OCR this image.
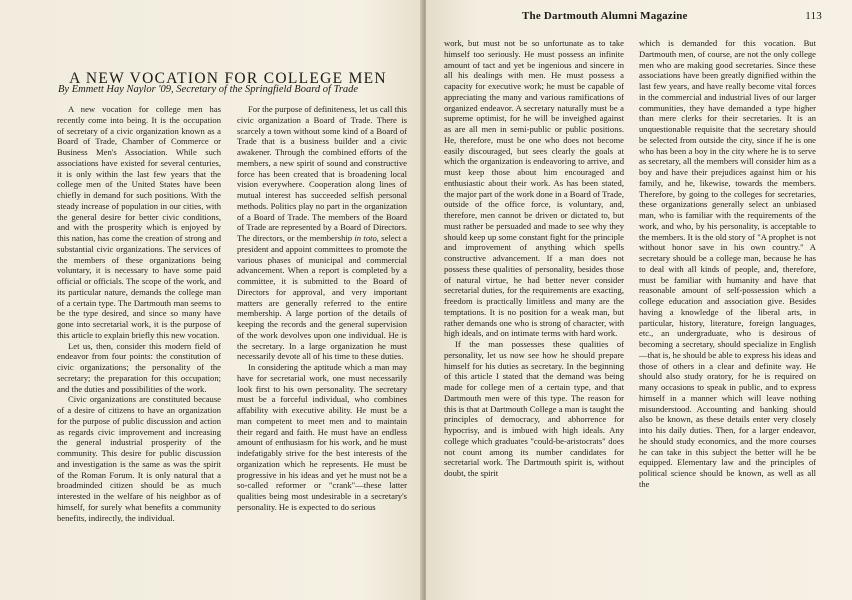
A NEW VOCATION FOR COLLEGE MEN
By Emmett Hay Naylor '09, Secretary of the Springfield Board of Trade

A new vocation for college men has recently come into being. It is the occupation of secretary of a civic organization known as a Board of Trade, Chamber of Commerce or Business Men's Association. While such associations have existed for several centuries, it is only within the last few years that the college men of the United States have been chiefly in demand for such positions. With the steady increase of population in our cities, with the general desire for better civic conditions, and with the prosperity which is enjoyed by this nation, has come the creation of strong and substantial civic organizations. The services of the members of these organizations being voluntary, it is necessary to have some paid official or officials. The scope of the work, and its particular nature, demands the college man of a certain type. The Dartmouth man seems to be the type desired, and since so many have gone into secretarial work, it is the purpose of this article to explain briefly this new vocation.

Let us, then, consider this modern field of endeavor from four points: the constitution of civic organizations; the personality of the secretary; the preparation for this occupation; and the duties and possibilities of the work.

Civic organizations are constituted because of a desire of citizens to have an organization for the purpose of public discussion and action as regards civic improvement and increasing the general industrial prosperity of the community. This desire for public discussion and investigation is the same as was the spirit of the Roman Forum. It is only natural that a broadminded citizen should be as much interested in the welfare of his neighbor as of himself, for surely what benefits a community benefits, indirectly, the individual.

For the purpose of definiteness, let us call this civic organization a Board of Trade. There is scarcely a town without some kind of a Board of Trade that is a business builder and a civic awakener. Through the combined efforts of the members, a new spirit of sound and constructive force has been created that is broadening local vision everywhere. Cooperation along lines of mutual interest has succeeded selfish personal methods. Politics play no part in the organization of a Board of Trade. The members of the Board of Trade are represented by a Board of Directors. The directors, or the membership in toto, select a president and appoint committees to promote the various phases of municipal and commercial advancement. When a report is completed by a committee, it is submitted to the Board of Directors for approval, and very important matters are generally referred to the entire membership. A large portion of the details of keeping the records and the general supervision of the work devolves upon one individual. He is the secretary. In a large organization he must necessarily devote all of his time to these duties.

In considering the aptitude which a man may have for secretarial work, one must necessarily look first to his own personality. The secretary must be a forceful individual, who combines affability with executive ability. He must be a man competent to meet men and to maintain their regard and faith. He must have an endless amount of enthusiasm for his work, and he must indefatigably strive for the best interests of the organization which he represents. He must be progressive in his ideas and yet he must not be a so-called reformer or "crank"—these latter qualities being most undesirable in a secretary's personality. He is expected to do serious

The Dartmouth Alumni Magazine	113

work, but must not be so unfortunate as to take himself too seriously. He must possess an infinite amount of tact and yet be ingenious and sincere in all his dealings with men. He must possess a capacity for executive work; he must be capable of appreciating the many and various ramifications of organized endeavor. A secretary naturally must be a supreme optimist, for he will be inveighed against as are all men in semi-public or public positions. He, therefore, must be one who does not become easily discouraged, but sees clearly the goals at which the organization is endeavoring to arrive, and must keep those about him encouraged and enthusiastic about their work. As has been stated, the major part of the work done in a Board of Trade, outside of the office force, is voluntary, and, therefore, men cannot be driven or dictated to, but must rather be persuaded and made to see why they should keep up some constant fight for the principle and improvement of anything which spells constructive advancement. If a man does not possess these qualities of personality, besides those of natural virtue, he had better never consider secretarial duties, for the requirements are exacting, freedom is practically limitless and many are the temptations. It is no position for a weak man, but rather demands one who is strong of character, with high ideals, and on intimate terms with hard work.

If the man possesses these qualities of personality, let us now see how he should prepare himself for his duties as secretary. In the beginning of this article I stated that the demand was being made for college men of a certain type, and that Dartmouth men were of this type. The reason for this is that at Dartmouth College a man is taught the principles of democracy, and abhorrence for hypocrisy, and is imbued with high ideals. Any college which graduates "could-be-aristocrats" does not count among its number candidates for secretarial work. The Dartmouth spirit is, without doubt, the spirit

which is demanded for this vocation. But Dartmouth men, of course, are not the only college men who are making good secretaries. Since these associations have been greatly dignified within the last few years, and have really become vital forces in the commercial and industrial lives of our larger communities, they have demanded a type higher than mere clerks for their secretaries. It is an unquestionable requisite that the secretary should be selected from outside the city, since if he is one who has been a boy in the city where he is to serve as secretary, all the members will consider him as a boy and have their prejudices against him or his family, and he, likewise, towards the members. Therefore, by going to the colleges for secretaries, these organizations generally select an unbiased man, who is familiar with the requirements of the work, and who, by his personality, is acceptable to the members. It is the old story of "A prophet is not without honor save in his own country." A secretary should be a college man, because he has to deal with all kinds of people, and, therefore, must be familiar with humanity and have that reasonable amount of self-possession which a college education and association give. Besides having a knowledge of the liberal arts, in particular, history, literature, foreign languages, etc., an undergraduate, who is desirous of becoming a secretary, should specialize in English—that is, he should be able to express his ideas and those of others in a clear and definite way. He should also study oratory, for he is required on many occasions to speak in public, and to express himself in a manner which will leave nothing misunderstood. Accounting and banking should also be known, as these details enter very closely into his daily duties. Then, for a larger endeavor, he should study economics, and the more courses he can take in this subject the better will he be equipped. Elementary law and the principles of political science should be known, as well as all the
